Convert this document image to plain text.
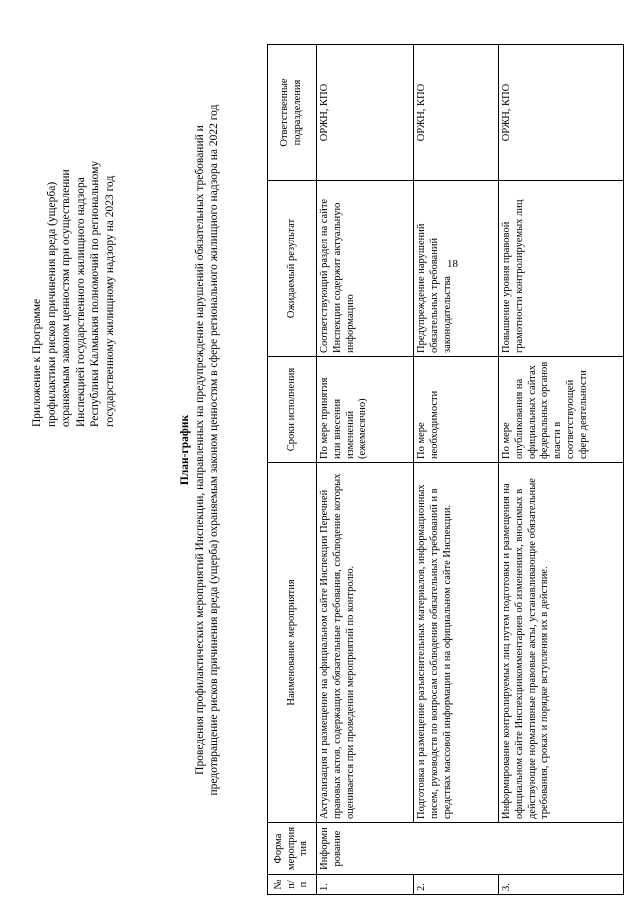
Приложение к Программе профилактики рисков причинения вреда (ущерба) охраняемым законом ценностям при осуществлении Инспекцией государственного жилищного надзора Республики Калмыкия полномочий по региональному государственному жилищному надзору на 2023 год
План-график Проведения профилактических мероприятий Инспекции, направленных на предупреждение нарушений обязательных требований и предотвращение рисков причинения вреда (ущерба) охраняемым законом ценностям в сфере регионального жилищного надзора на 2022 год
№ п/п	Форма мероприятия	Наименование мероприятия	Сроки исполнения	Ожидаемый результат	Ответственные подразделения
1.	Информирование	Актуализация и размещение на официальном сайте Инспекции Перечней правовых актов, содержащих обязательные требования, соблюдение которых оценивается при проведении мероприятий по контролю.	По мере принятия или внесения изменений (ежемесячно)	Соответствующий раздел на сайте Инспекции содержит актуальную информацию	ОРЖН, КПО
2.		Подготовка и размещение разъяснительных материалов, информационных писем, руководств по вопросам соблюдения обязательных требований и в средствах массовой информации и на официальном сайте Инспекции.	По мере необходимости	Предупреждение нарушений обязательных требований законодательства	ОРЖН, КПО
3.		Информирование контролируемых лиц путем подготовки и размещения на официальном сайте Инспекциикомментариев об изменениях, вносимых в действующие нормативные правовые акты, устанавливающие обязательные требования, сроках и порядке вступления их в действие.	По мере опубликования на официальных сайтах федеральных органов власти в соответствующей сфере деятельности	Повышение уровня правовой грамотности контролируемых лиц	ОРЖН, КПО
18
